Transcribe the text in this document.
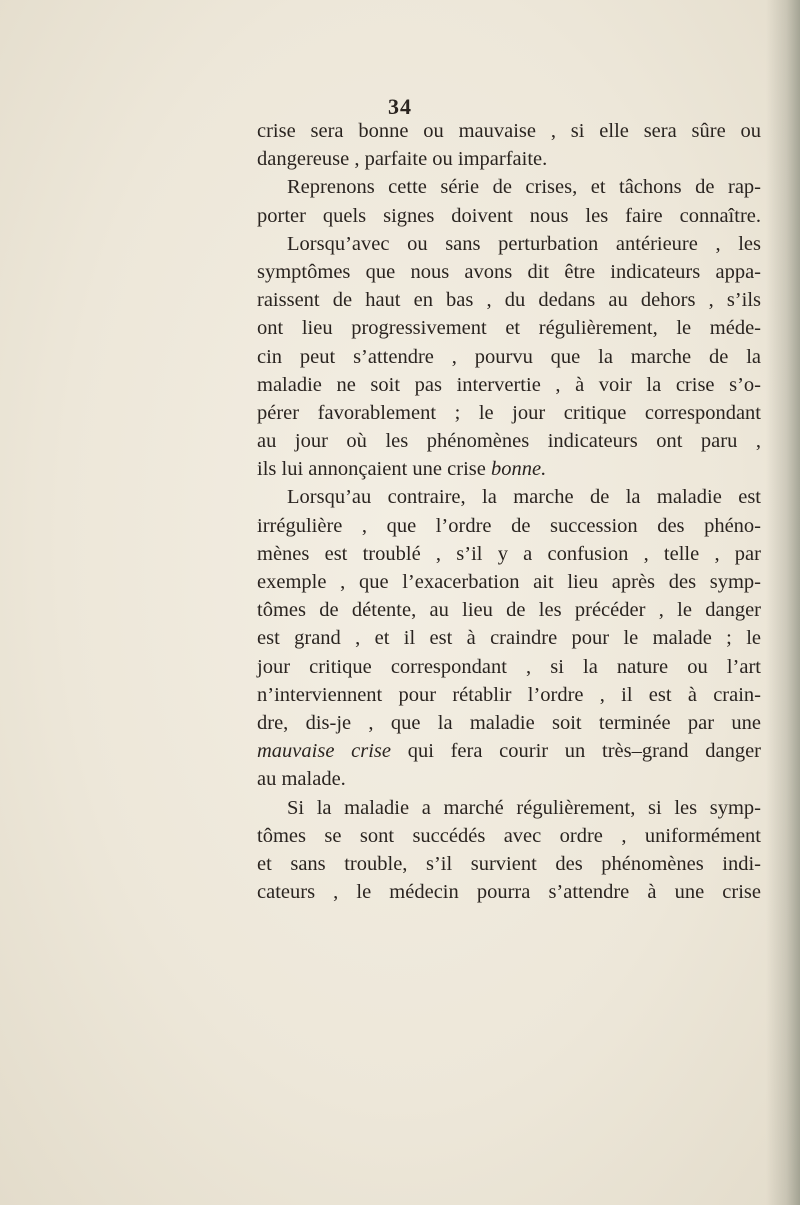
34
crise sera bonne ou mauvaise , si elle sera sûre ou
dangereuse , parfaite ou imparfaite.
Reprenons cette série de crises, et tâchons de rap-
porter quels signes doivent nous les faire connaître.
Lorsqu’avec ou sans perturbation antérieure , les
symptômes que nous avons dit être indicateurs appa-
raissent de haut en bas , du dedans au dehors , s’ils
ont lieu progressivement et régulièrement, le méde-
cin peut s’attendre , pourvu que la marche de la
maladie ne soit pas intervertie , à voir la crise s’o-
pérer favorablement ; le jour critique correspondant
au jour où les phénomènes indicateurs ont paru ,
ils lui annonçaient une crise bonne.
Lorsqu’au contraire, la marche de la maladie est
irrégulière , que l’ordre de succession des phéno-
mènes est troublé , s’il y a confusion , telle , par
exemple , que l’exacerbation ait lieu après des symp-
tômes de détente, au lieu de les précéder , le danger
est grand , et il est à craindre pour le malade ; le
jour critique correspondant , si la nature ou l’art
n’interviennent pour rétablir l’ordre , il est à crain-
dre, dis-je , que la maladie soit terminée par une
mauvaise crise qui fera courir un très–grand danger
au malade.
Si la maladie a marché régulièrement, si les symp-
tômes se sont succédés avec ordre , uniformément
et sans trouble, s’il survient des phénomènes indi-
cateurs , le médecin pourra s’attendre à une crise
